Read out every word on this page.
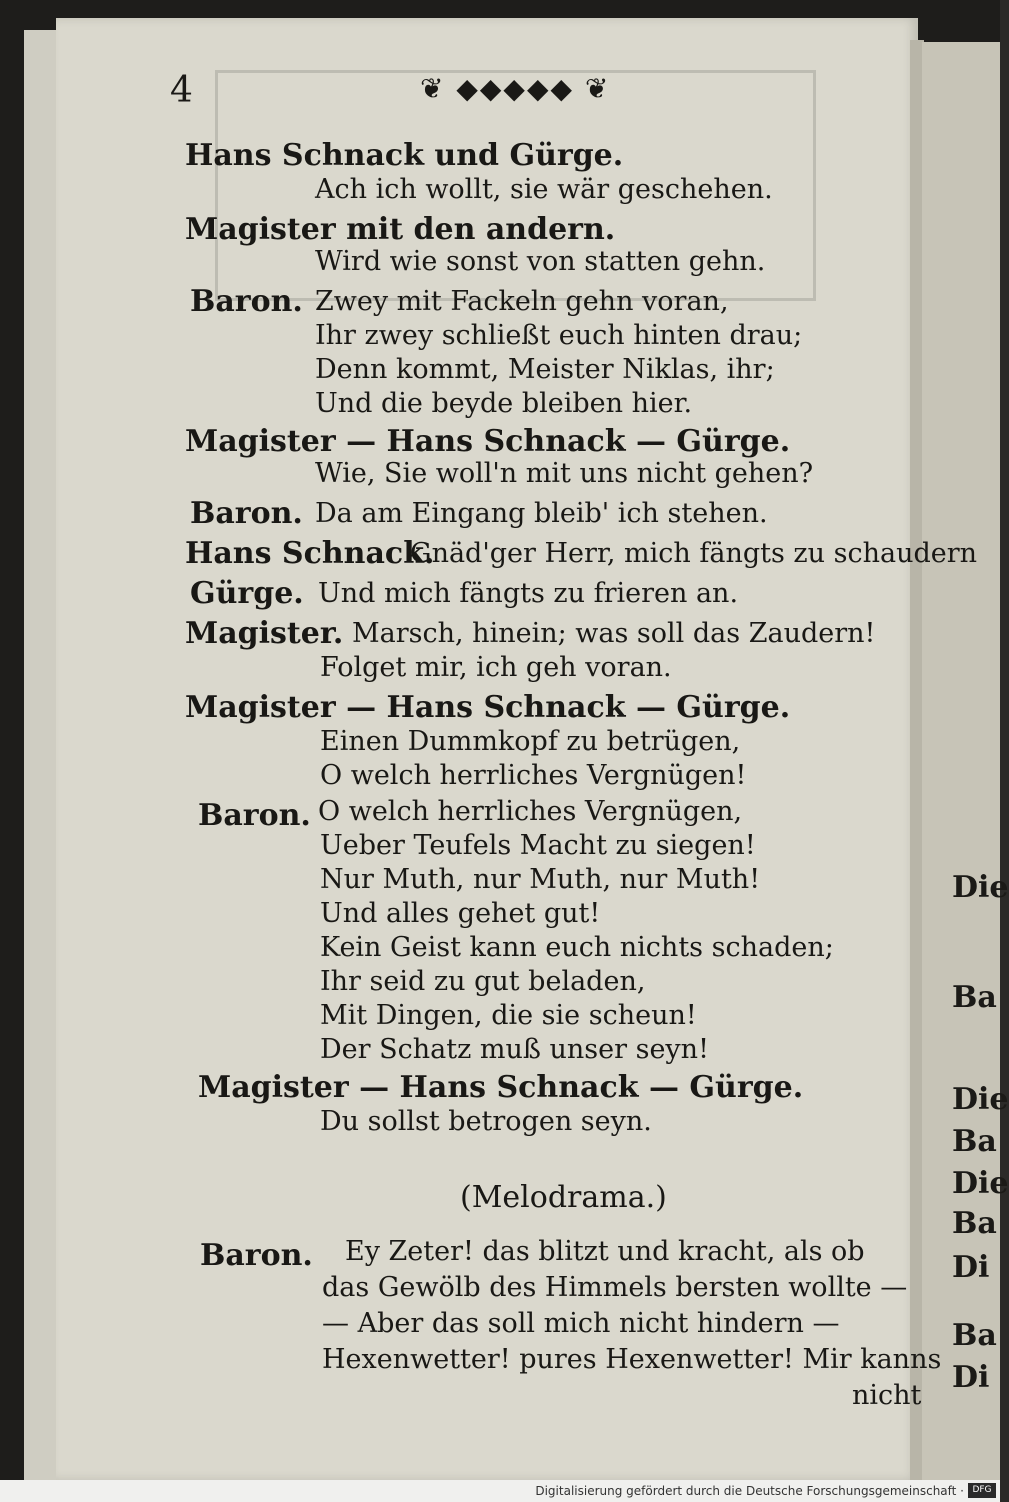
Die
Ba
Die
Ba
Die
Ba
Di
Ba
Di
4	❦ ◆◆◆◆◆ ❦
Hans Schnack und Gürge.
Ach ich wollt, sie wär geschehen.
Magister mit den andern.
Wird wie sonst von statten gehn.
Baron. Zwey mit Fackeln gehn voran,
Ihr zwey schließt euch hinten drau;
Denn kommt, Meister Niklas, ihr;
Und die beyde bleiben hier.
Magister — Hans Schnack — Gürge.
Wie, Sie woll'n mit uns nicht gehen?
Baron. Da am Eingang bleib' ich stehen.
Hans Schnack.
Gnäd'ger Herr, mich fängts zu schaudern
Gürge. Und mich fängts zu frieren an.
Magister. Marsch, hinein; was soll das Zaudern!
Folget mir, ich geh voran.
Magister — Hans Schnack — Gürge.
Einen Dummkopf zu betrügen,
O welch herrliches Vergnügen!
Baron. O welch herrliches Vergnügen,
Ueber Teufels Macht zu siegen!
Nur Muth, nur Muth, nur Muth!
Und alles gehet gut!
Kein Geist kann euch nichts schaden;
Ihr seid zu gut beladen,
Mit Dingen, die sie scheun!
Der Schatz muß unser seyn!
Magister — Hans Schnack — Gürge.
Du sollst betrogen seyn.
(Melodrama.)
Baron. Ey Zeter! das blitzt und kracht, als ob
das Gewölb des Himmels bersten wollte —
— Aber das soll mich nicht hindern —
Hexenwetter! pures Hexenwetter! Mir kanns
nicht
Digitalisierung gefördert durch die Deutsche Forschungsgemeinschaft · DFG
